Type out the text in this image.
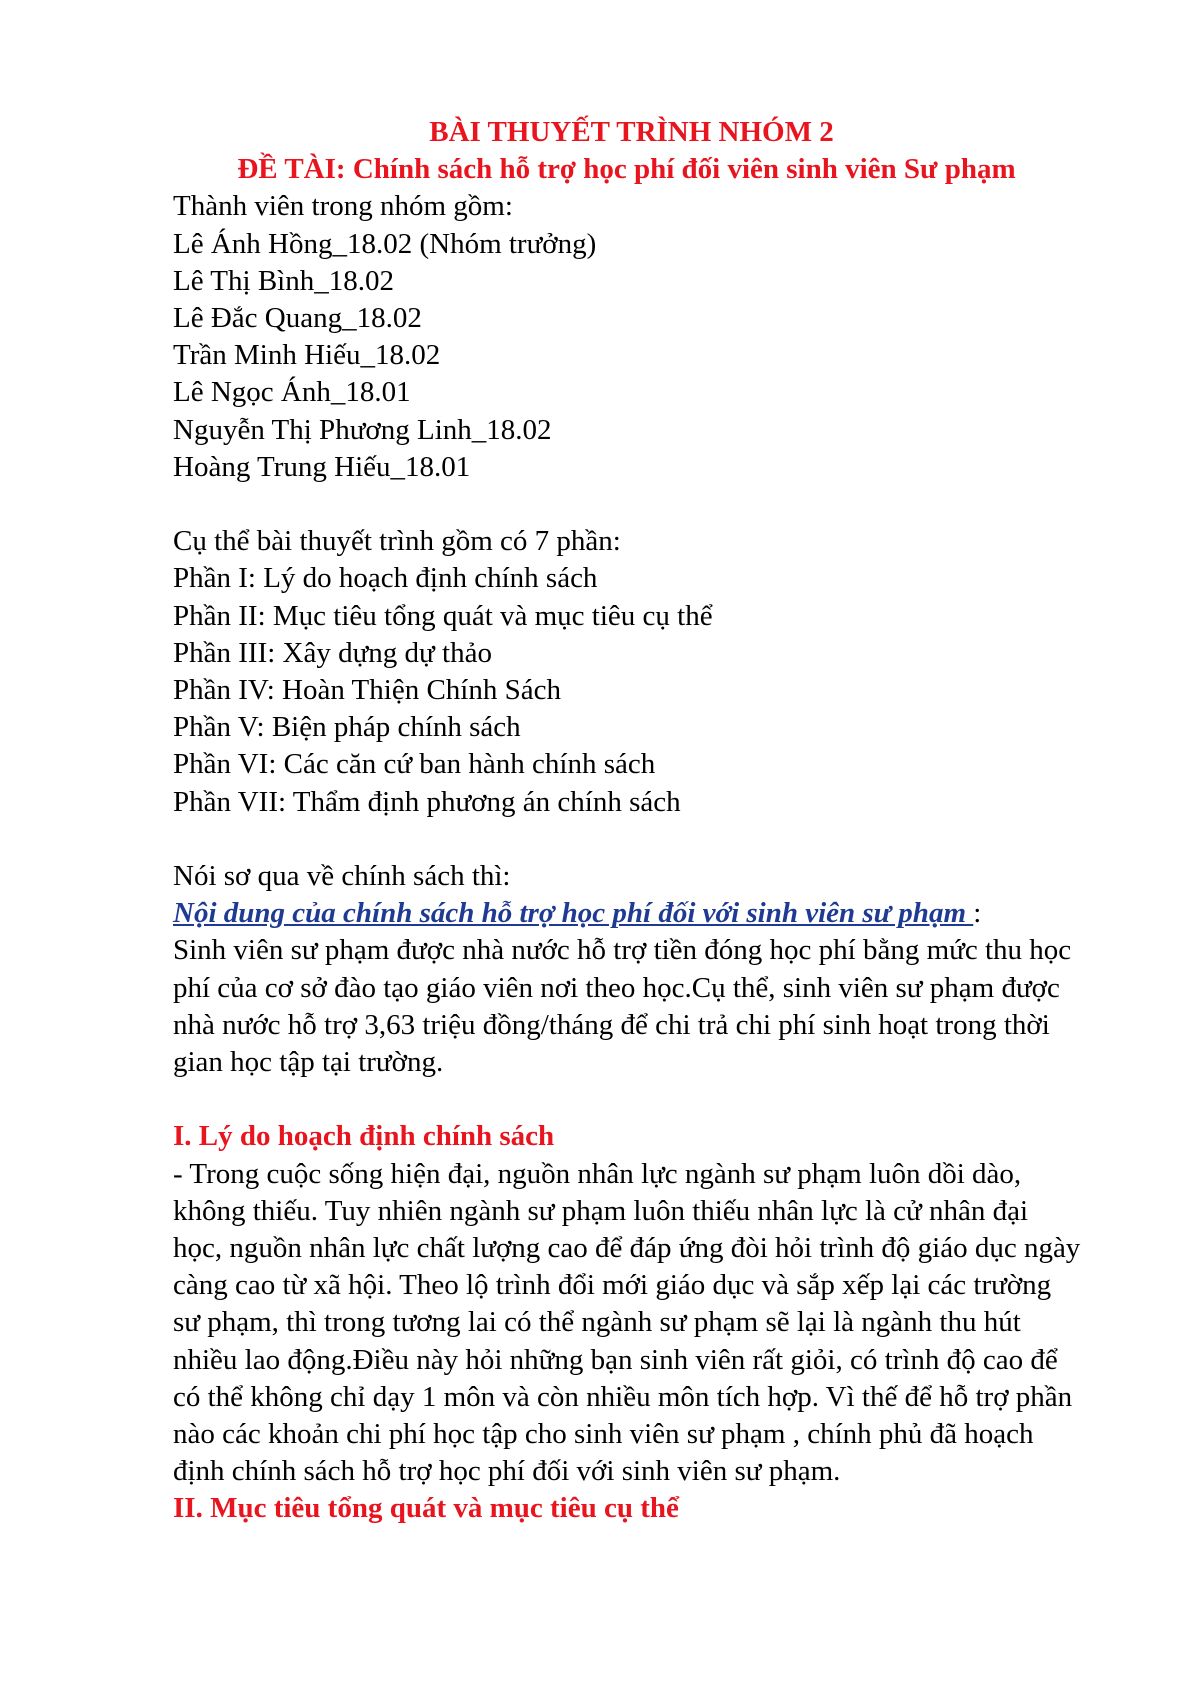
BÀI THUYẾT TRÌNH NHÓM 2

ĐỀ TÀI: Chính sách hỗ trợ học phí đối viên sinh viên Sư phạm

Thành viên trong nhóm gồm:

Lê Ánh Hồng_18.02 (Nhóm trưởng)

Lê Thị Bình_18.02

Lê Đắc Quang_18.02

Trần Minh Hiếu_18.02

Lê Ngọc Ánh_18.01

Nguyễn Thị Phương Linh_18.02

Hoàng Trung Hiếu_18.01

Cụ thể bài thuyết trình gồm có 7 phần:

Phần I: Lý do hoạch định chính sách

Phần II: Mục tiêu tổng quát và mục tiêu cụ thể

Phần III: Xây dựng dự thảo

Phần IV: Hoàn Thiện Chính Sách

Phần V: Biện pháp chính sách

Phần VI: Các căn cứ ban hành chính sách

Phần VII: Thẩm định phương án chính sách

Nói sơ qua về chính sách thì:

Nội dung của chính sách hỗ trợ học phí đối với sinh viên sư phạm :

Sinh viên sư phạm được nhà nước hỗ trợ tiền đóng học phí bằng mức thu học phí của cơ sở đào tạo giáo viên nơi theo học.Cụ thể, sinh viên sư phạm được nhà nước hỗ trợ 3,63 triệu đồng/tháng để chi trả chi phí sinh hoạt trong thời gian học tập tại trường.

I. Lý do hoạch định chính sách

- Trong cuộc sống hiện đại, nguồn nhân lực ngành sư phạm luôn dồi dào, không thiếu. Tuy nhiên ngành sư phạm luôn thiếu nhân lực là cử nhân đại học, nguồn nhân lực chất lượng cao để đáp ứng đòi hỏi trình độ giáo dục ngày càng cao từ xã hội. Theo lộ trình đổi mới giáo dục và sắp xếp lại các trường sư phạm, thì trong tương lai có thể ngành sư phạm sẽ lại là ngành thu hút nhiều lao động.Điều này hỏi những bạn sinh viên rất giỏi, có trình độ cao để có thể không chỉ dạy 1 môn và còn nhiều môn tích hợp. Vì thế để hỗ trợ phần nào các khoản chi phí học tập cho sinh viên sư phạm , chính phủ đã hoạch định chính sách hỗ trợ học phí đối với sinh viên sư phạm.

II. Mục tiêu tổng quát và mục tiêu cụ thể
